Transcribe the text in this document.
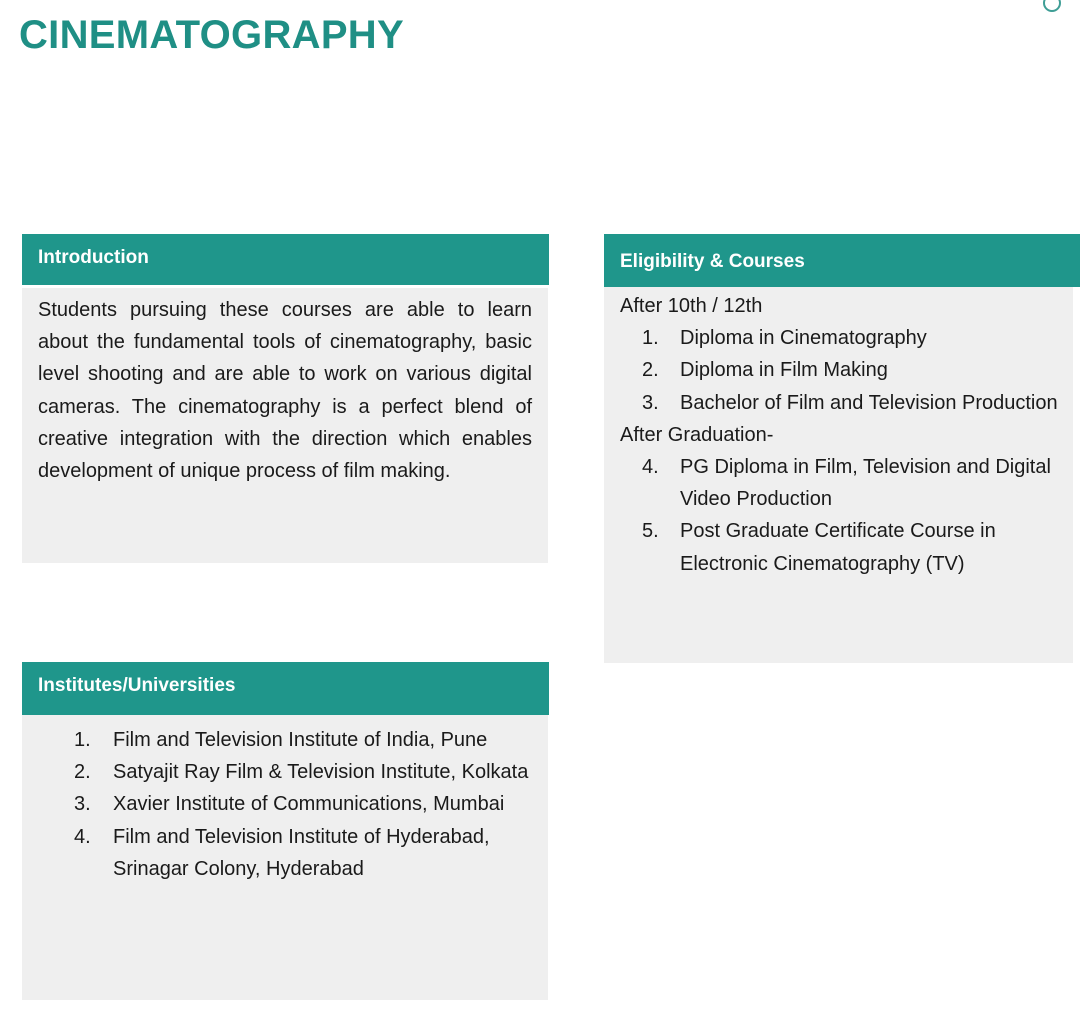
CINEMATOGRAPHY
Introduction
Students pursuing these courses are able to learn about the fundamental tools of cinematography, basic level shooting and are able to work on various digital cameras. The cinematography is a perfect blend of creative integration with the direction which enables development of unique process of film making.
Eligibility & Courses
After 10th / 12th
1. Diploma in Cinematography
2. Diploma in Film Making
3. Bachelor of Film and Television Production
After Graduation-
4. PG Diploma in Film, Television and Digital Video Production
5. Post Graduate Certificate Course in Electronic Cinematography (TV)
Institutes/Universities
1. Film and Television Institute of India, Pune
2. Satyajit Ray Film & Television Institute, Kolkata
3. Xavier Institute of Communications, Mumbai
4. Film and Television Institute of Hyderabad, Srinagar Colony, Hyderabad
